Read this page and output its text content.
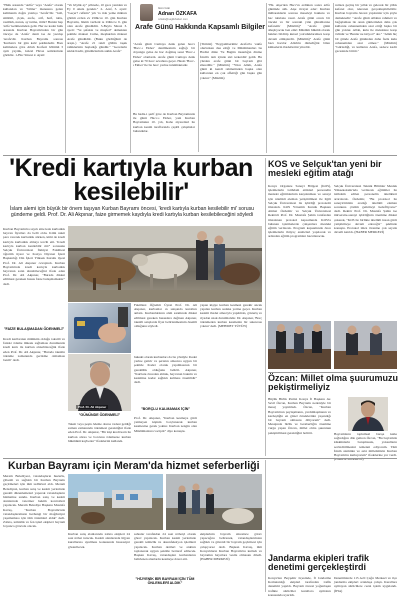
"Halk arasında "Arife" veya "Arefe" olarak kullanılan ve "bilme" manasına gelen kelimenin doğru yazılışı "Arafe"dir. "Gül, sümbül, çiçek, arefe, arif, harf, tuttu, rasüllah, nurun, ay tutma, tirmi? Bunlar hep 'arife' kelimesinden gelir. Her ne kadar halk arasında Kurban Bayramı'ndan bir gün önceye de 'Arafe' denir ise de yazılışı 'Arafe'dir. Kurban Bayramı sonrası 'Kurban'a bir gün kala' şeklindedir. Bazı kelimelere göre Allah Korfezi bölümü 3 aym yaydık, Güzel Hicaz semtlerinde görürüz. 1-Hac Süresi 2. Ayeti:
"Ve böylik ay" şöhrede, 10 gece yeniden ve Ey 0 Akıla gerekir." 2- Araf, 3. ayeti: "Geçer? cefinin" yılı 'ra ride yeme miktarı göttim evden ev Zilhicce 10. gün Kurban Bayramı, bikim verilenl te Zilhicce 9. gün olan Arafe gündüdür. 3-Beyla Süresi 3. ayeti: "Ve şafakta ve muşfed" demekten şekilde maksat Cuma, meşhurdan maksat Arafe gündüdür. (Buku gördüğünü de araştı.) "Arafe 21 rakli göllün taşak rahiklerinin başladığı gündür." "Gecelerin sıklık Kadir, gündüzlerinin sıklık Arafe"
Gün Gün
Adnan ÖZKAFA
ozkafa@saglikhaberi.com
Arafe Günü Hakkında Kapsamlı Bilgiler
"Arafe günü Cumaya denk gelen haccı 'Hacc-ı Ekber' denilmesinin sağlığı bir doyungu gelse de hac doğmuş sessi 'Hacc-ı Ekber' olanlardı. Arafe günü Cumaya denk gelse ki 70 hacc sevabına geçer. Hasılı 'Hacc-ı Ekber' ile bu hacc yerine tutulmaktadır.
Bu hadis-i şerif göre de Kurban Bayramında ile günü Hacc-ı Ekber, yani Kurban Bayramının 10. yılı, Kabe ziyaretleri ile kurban kesim taraflarında çeşitli çalışmalar bulundular.
(Tirmizi) "Peygamberimiz Arafat'ta vakfe olurlarken dua ettiği ve Müslümanları bu Hadisi dinle 'Ve Bugün insanlığın dinine İslam'ı tam içinde sizi terketdin' geldi. Bu yüzden arafe günü bir bayram gibi zikredilir." (Müslim) "Yüce Allah, Arafe günü ki kendi rahmetinden başka olan kullarının en çok affettiği gün başka gün yoktur." (Müslim)
"Hz. Aişe'den Hacc'ın erdikten sonra arife gününde aldı. Aişe rivayet eder: Kurban mübareklerin sonrası meseleyi hakkını ve hac tutulana rasul. Arafe günü orucu bir önceki ve bir sonraki yılın günahlarına kefarettir (Müslim)" "Arafe günü alkışlıyacak ben emri Müslüm hükmü olarak hakları bildirip kutsal yolculuklarımıza karşı devam etmişlerdir. (Müslim)" Arafe günü bazı hacılar Allah'ın dinlediğini bilen kimselerin ibadetlerini yüceltir.
rutlaza geçinş bir yıllık ve gelecek bir yıllık kefaret olur, tekraren gerçekleştirilebilir. Kurban bayramı öncesi yapılanlar için şöyle demektedir: "Arafe günü Allahın rahmeti ve bağışlaması ile onun günlerinden daha çok kullarını cehennemden azat ettiği başka bir gün yoktur. Allah, kulu ile meleklere karşı övünür ve 'Bunlar ne istiyor?' der." "Allah hiç bir günde Arafe gününden daha fazla kulu cehenemden azat etmez." (Müslim) "Gürlediği, ve kullarını Arafe, sadece kadir gecesinde bitirir."
'Kredi kartıyla kurban kesilebilir'
İslam alemi için büyük bir önem taşıyan Kurban Bayramı öncesi, 'kredi kartıyla kurban kesilebilir mi' sorusu gündeme geldi. Prof. Dr. Ali Akpınar, faize girmemek kaydıyla kredi kartıyla kurban kesilebileceğini söyledi
Kurban Bayramı'na sayılı süre kala kurbanlık hayvan fiyatları da belli oldu. Kimi nakit para vererek kurbanlık alırken, kimi de kredi kartıyla kurbanlık almayı tercih etti. 'Kredi kartıyla kurban kesilebilir mi?' sorusunu Selçuk Üniversitesi İlahiyat Fakültesi öğretim üyesi ve Konya Diyanet İşleri Başkanlığı Din İşleri Yüksek Kurulu üyesi Prof. Dr. Ali Akpınar cevapladı. Kurban Bayramı'nda kredi kartıyla kurbanlık hayvanın satın alınabileceğini ifade eden Prof. Dr. Ali Akpınar, "Burada dikkat edilmesi gereken husus faize bulaşmamaktır" dedi.
"FAİZE BULAŞMADAN ÖDENMELİ"
Kredi kartlarının mümkün olduğu taksitli ve faizsiz ödeme imkanı sağlaması durumunda kredi kartı ile kurban alınabileceğini ifade eden Prof. Dr. Ali Akpınar, "Burada taksitin ödenme zamanında gecikme olmaması lazım" dedi.
Prof. Dr. Ali Akpınar
"GÜNÜNDE ÖDENMELİ"
Taksit veya peşin ödeme olursa vadesi geldiği zaman zamanında ödenmesi gerektiğini ifade eden Prof. Dr. Akpınar, "Bir kişi kredi kartı ile kurban alırsa ve borcunu ödemezse kurban hükmünü kaybeder" ifadelerini kullandı.
hukuki olarak kurbanları da bu yönüyle ibadet yerine getirir ve şeriatın amacına uygun bir şekilde ibadet olarak yapılmasının bir gereklilik olduğunu belirtti. Akpınar, "Kurbanı önceden almak, hayvanın bakımı ve kesimine kadar sağlıklı kalması önemlidir" dedi.
"BORÇLU KALMAMAK İÇİN"
Prof. Dr. Akpınar, "Kurban kesmeye gücü yetmeyen kişinin borçlanarak kurban kesmesine gerek yoktur. Kurban zengin olan Müslümanlara vaciptir" diye konuştu.
Fakültesi Öğretim Üyesi Prof. Dr. Ali Akpınar, kurbanlar ın satışında kuralları anlattı. Kurbanlıkların alım satımında dikkat edilmesi gereken hususlara değinen Akpınar, taksitli satışlarda fiyat belirlenmesinin önemli olduğunu söyledi.
yapan kişiye kurban kesmesi gerekir ancak yapılan kurban sadaka yerine geçer. Kurban kesimi ibadet amacıyla yapılmalı, gösteriş ve riyadan uzak durulmalıdır. Dr. Akpınar, 'Borç ödenmeden kurban kesmenin bir sakıncası yoktur' dedi. (MEHMET TÜTÜN)
KOS ve Selçuk'tan yeni bir mesleki eğitim atağı
Konya Organize Sanayi Bölgesi (KOS), işletmelerin istihdam ettikleri personelin mesleki eğitimlerinin karşılanması ve sanayi için nitelikli eleman yetiştirilmesi ile ilgili Selçuk Üniversitesi ile işbirliği protokolü imzaladı. KOS Yönetim Kurulu Başkanı Ahmet Özdemir ve Selçuk Üniversitesi Rektörü Prof. Dr. Mustafa Şahin tarafından imzalanan protokol kapsamında KOS'ta bulunan işletmelerde çalışanlara mesleki eğitim verilecek. Program kapsamında önce işletmelerin ihtiyaç analizleri yapılacak ve ardından eğitim programları hazırlanacak.
Selçuk Üniversitesi Teknik Bilimler Meslek Yüksekokulu'nda verilecek eğitimler ile istihdam edilen personelin nitelikleri artırılacak. Özdemir, "Bu protokol ile sanayicimizin aradığı nitelikli eleman sorununa çözüm getirmeyi hedefliyoruz" dedi. Rektör Prof. Dr. Mustafa Şahin ise üniversite-sanayi işbirliğinin önemine dikkat çekerek, "KOS ile birlikte nitelikli insan gücü yetiştirmeye devam edeceğiz" şeklinde konuştu. Protokol imza törenine çok sayıda davetli katıldı. (HABER MERKEZİ)
Özcan: Millet olma şuurumuzu pekiştirmeliyiz
Büyük Birlik Partisi Konya İl Başkanı Av. Sevil Özcan, Kurban Bayramı nedeniyle bir mesaj yayımladı. Özcan, "Kurban Bayramı'nın paylaşmanın, yardımlaşmanın ve kardeşliğin en güzel örneklerinin yaşandığı bir bayram olmasını diliyorum" dedi. Mesajında birlik ve beraberliğin önemine vurgu yapan Özcan, millet olma şuurunun pekiştirilmesi gerektiğini belirtti.	Bayramların toplumsal barışa katkı sağladığını dile getiren Özcan, "Bu bayramda küskünlerin barışmasını, yoksulların sevindirilmesini temenni ediyorum. Tüm İslam aleminin ve aziz milletimizin Kurban Bayramı'nı kutluyorum" ifadelerine yer verdi. (HABER MERKEZİ)
Kurban Bayramı için Meram'da hizmet seferberliği
Meram Belediyesi, vatandaşların huzurlu, güvenli ve sağlıklı bir Kurban Bayramı geçirmeleri için tüm tedbirleri aldı. Meram Belediyesi, kurban satış ve kesim yerlerinde gerekli düzenlemeleri yaparak vatandaşların hizmetine sundu. Kurban satış ve kesim alanlarında veteriner hekim kontrolleri yapılacak. Meram Belediye Başkanı Mustafa Kavuş, "Kurban Bayramı'nda vatandaşlarımızın herhangi bir mağduriyet yaşamaması için tüm önlemleri aldık" dedi. Zabıta, temizlik ve fen işleri ekipleri bayram boyunca görevde olacak.
Kurban satış alanlarında zabıta ekipleri 24 saat nöbet tutacak. Kesim alanlarında hijyen kurallarına uyulması konusunda hassasiyet gösterilecek.
sahıslar tarafından 24 saat nöbetçi olarak görev yapılacak. Kurban kesim yerlerinde gerekli temizlik ve dezenfeksiyon işlemleri yapılacak. Kurban derileri ve atıkları toplanarak uygun şekilde bertaraf edilecek. Başkan Kavuş, vatandaşları kurbanlarını belirlenen alanlarda kesmeye davet etti.
"HİJYENİK BİR BAYRAM İÇİN TÜM ÖNLEMLERİ ALDIK"
ekiplerinin bayram süresince görev yapacağını belirterek, vatandaşlarımızın sağlıklı ve güvenli bir bayram geçirmesi için çalışıyoruz dedi. Başkan Kavuş, tüm Konyalıların Kurban Bayramı'nı kutladı ve bayramın hayırlara vesile olmasını diledi. (HABER MERKEZİ)	Jandarma ekipleri trafik denetimi gerçekleştirdi
Konya'nın Beyşehir ilçesinde, İl Jandarma Komutanlığı ekipleri tarafından trafik denetimi yapıldı. Bayram öncesi yoğunlaşan trafikte sürücüler kurallara uymaları konusunda uyarıldı.
Denetimlerde 115 Acil Çağrı Merkezi ve ilçe jandarma ekipleri ortaklaşa çalıştı. Kurallara uymayan sürücülere cezai işlem uygulandı. (İHA)
